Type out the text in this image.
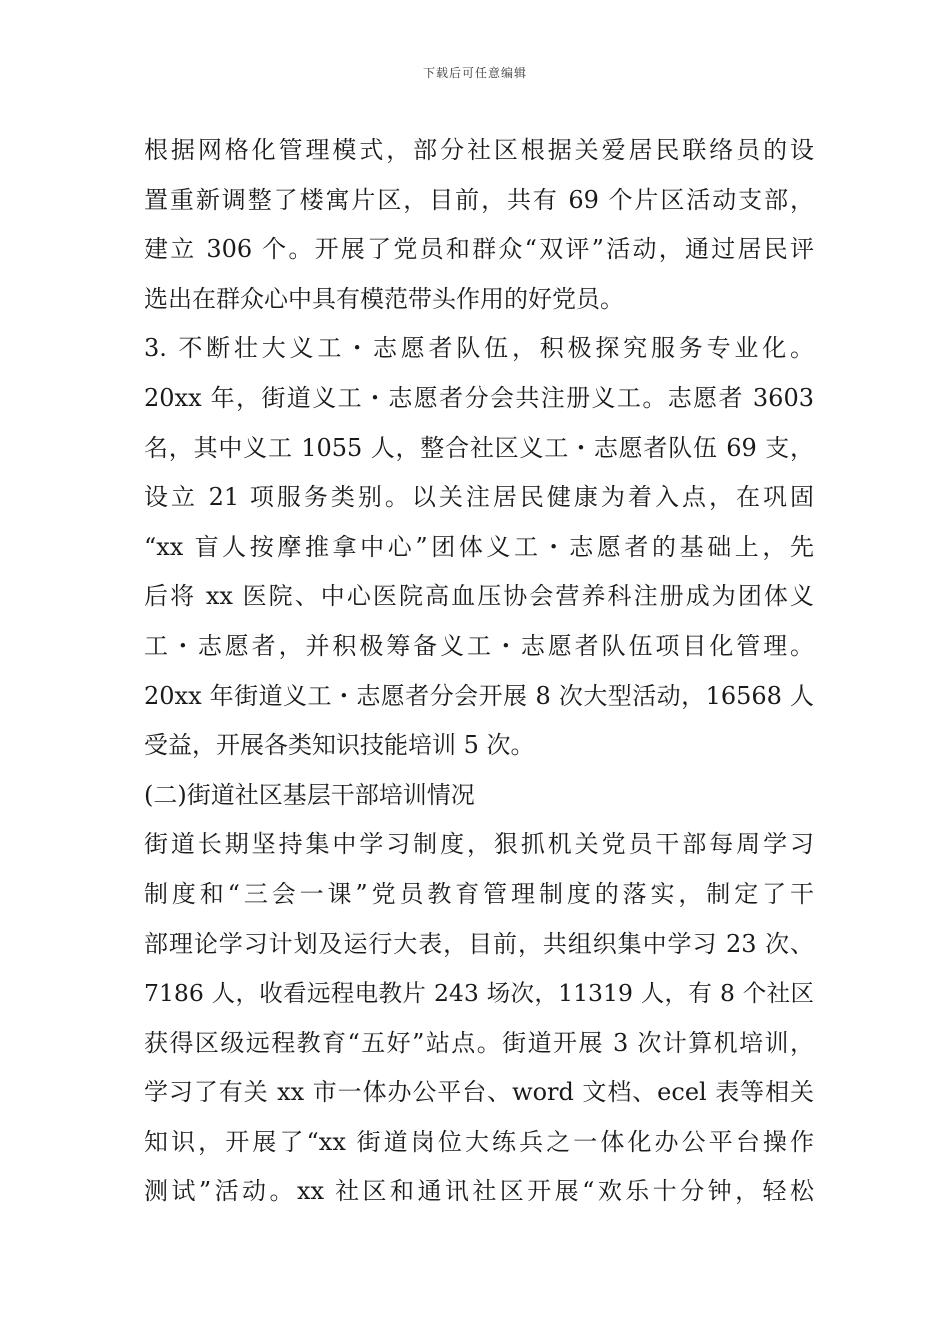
下载后可任意编辑
根据网格化管理模式，部分社区根据关爱居民联络员的设
置重新调整了楼寓片区，目前，共有 69 个片区活动支部，
建立 306 个。开展了党员和群众“双评”活动，通过居民评
选出在群众心中具有模范带头作用的好党员。
3. 不断壮大义工・志愿者队伍，积极探究服务专业化。
20xx 年，街道义工・志愿者分会共注册义工。志愿者 3603
名，其中义工 1055 人，整合社区义工・志愿者队伍 69 支，
设立 21 项服务类别。以关注居民健康为着入点，在巩固
“xx 盲人按摩推拿中心”团体义工・志愿者的基础上，先
后将 xx 医院、中心医院高血压协会营养科注册成为团体义
工・志愿者，并积极筹备义工・志愿者队伍项目化管理。
20xx 年街道义工・志愿者分会开展 8 次大型活动，16568 人
受益，开展各类知识技能培训 5 次。
(二)街道社区基层干部培训情况
街道长期坚持集中学习制度，狠抓机关党员干部每周学习
制度和“三会一课”党员教育管理制度的落实，制定了干
部理论学习计划及运行大表，目前，共组织集中学习 23 次、
7186 人，收看远程电教片 243 场次，11319 人，有 8 个社区
获得区级远程教育“五好”站点。街道开展 3 次计算机培训，
学习了有关 xx 市一体办公平台、word 文档、ecel 表等相关
知识，开展了“xx 街道岗位大练兵之一体化办公平台操作
测试”活动。xx 社区和通讯社区开展“欢乐十分钟，轻松
